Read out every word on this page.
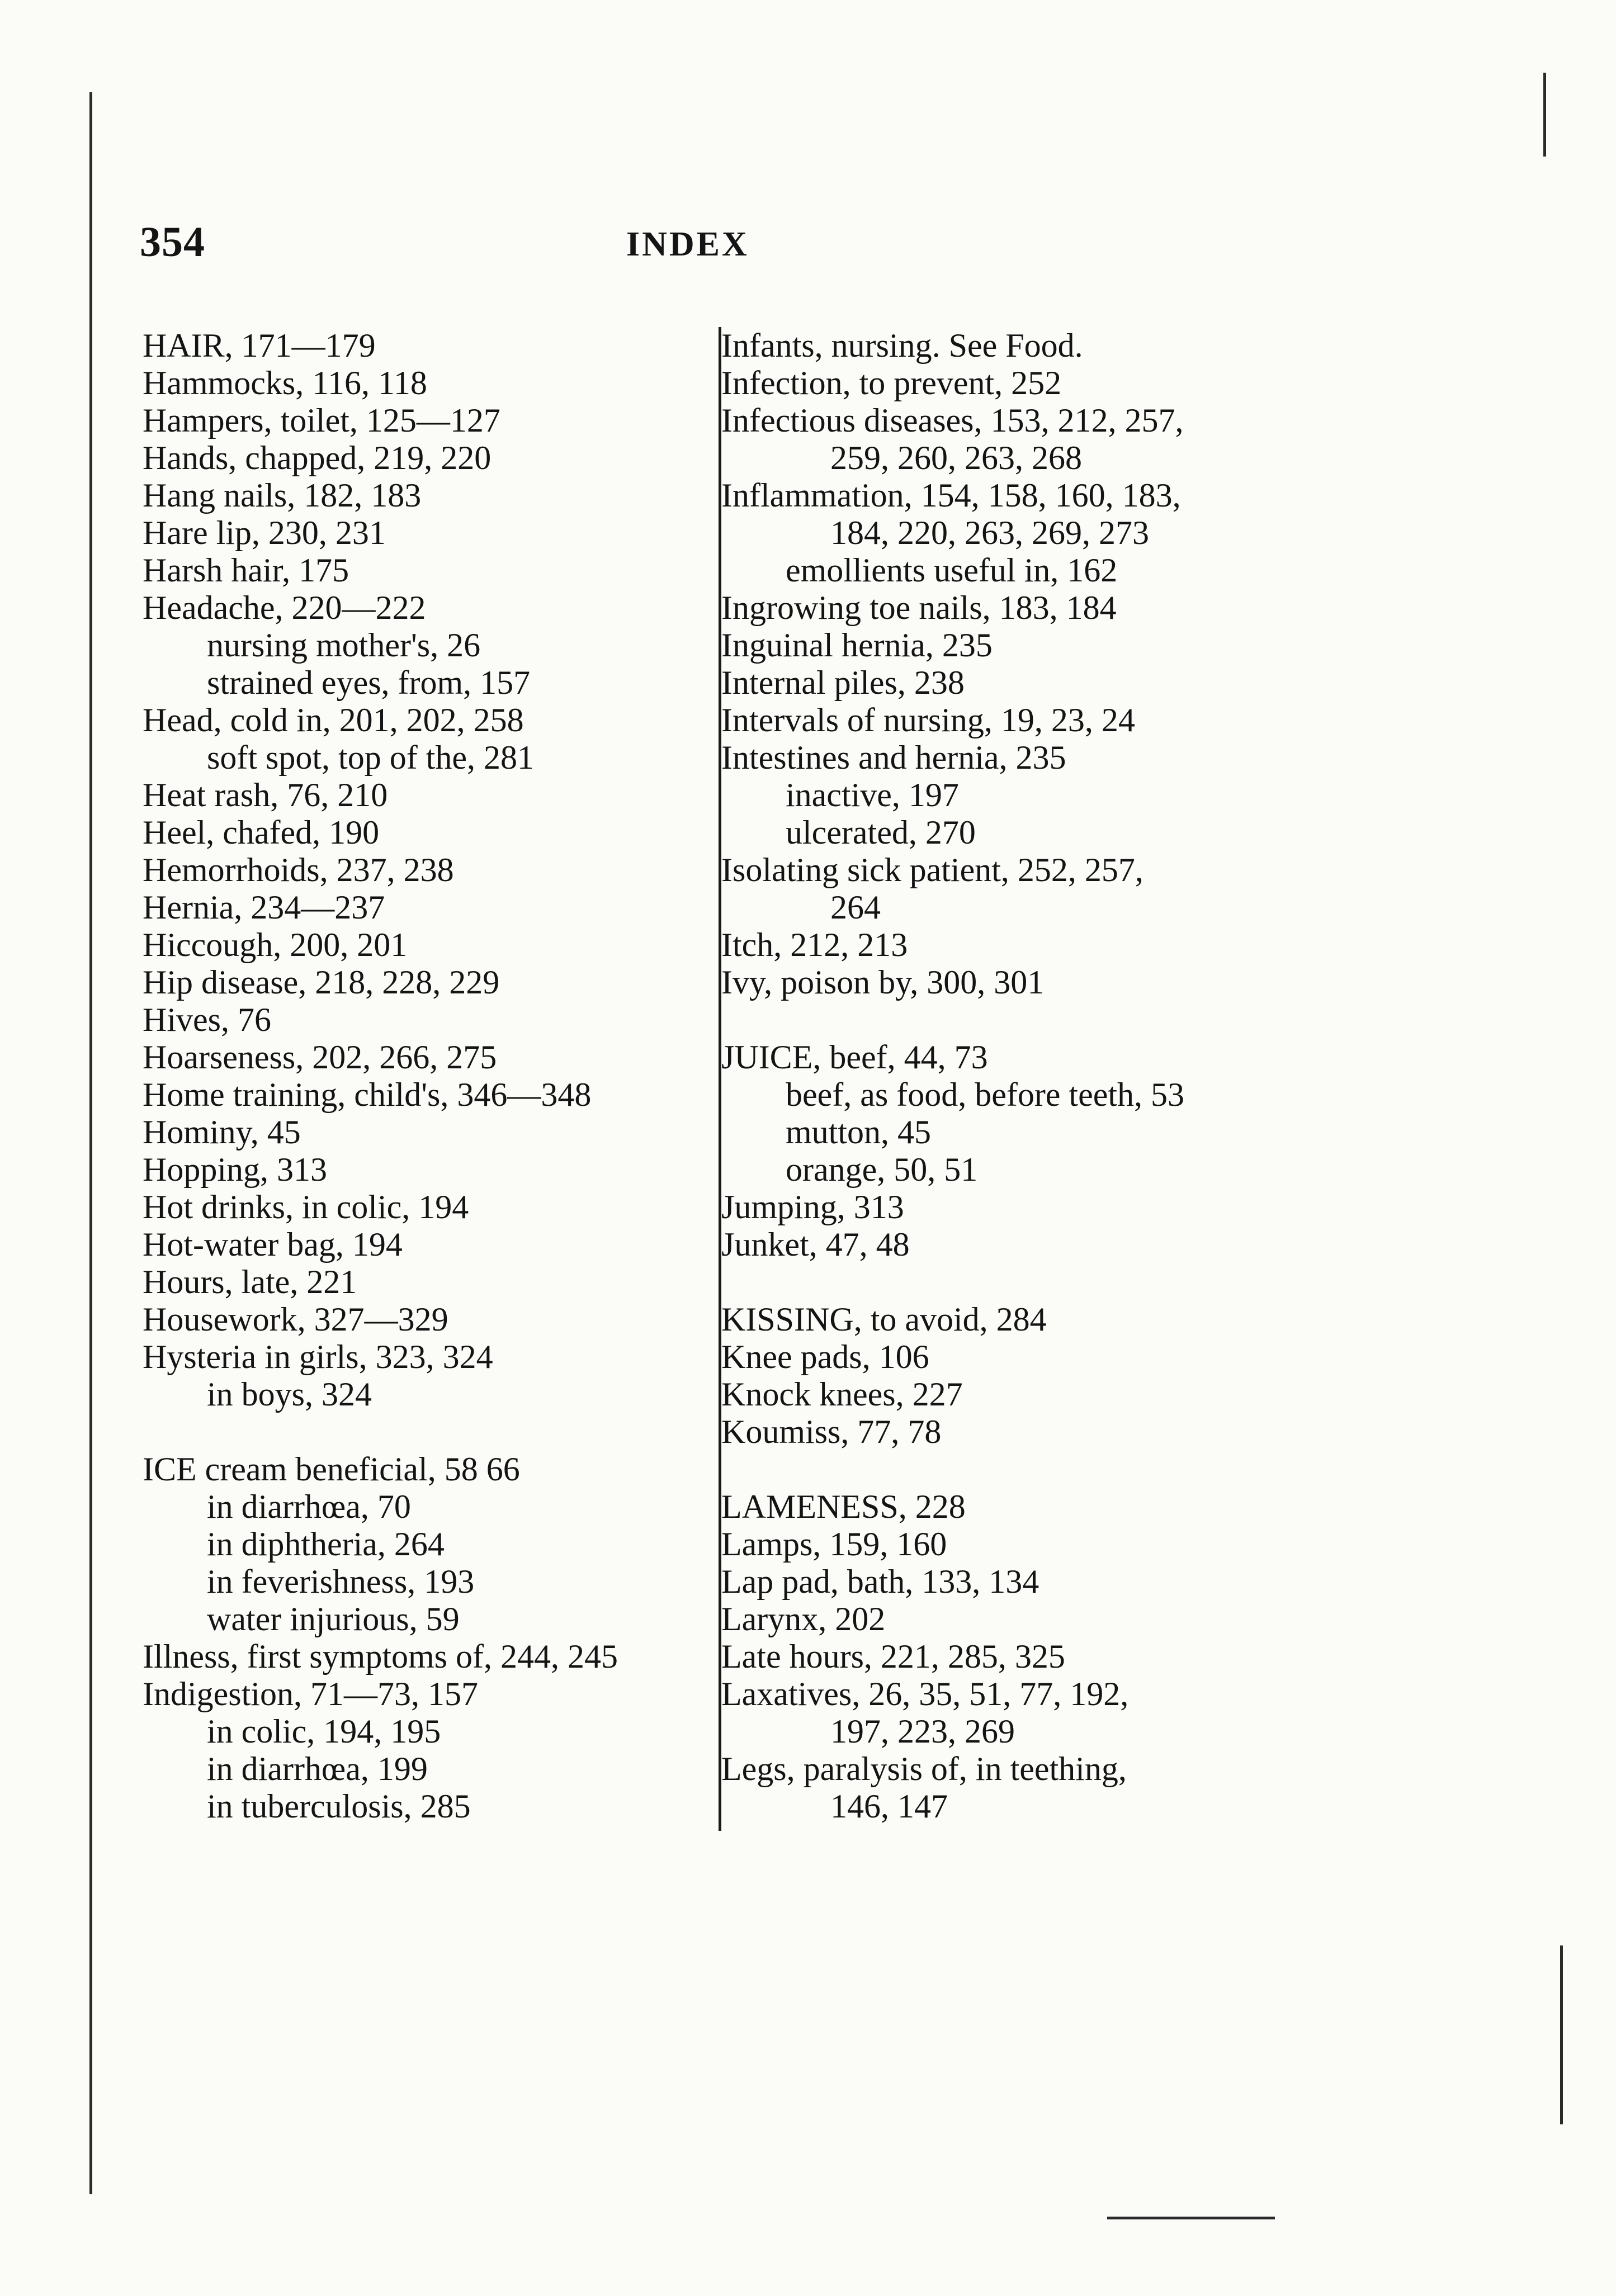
354	INDEX
HAIR, 171—179
Hammocks, 116, 118
Hampers, toilet, 125—127
Hands, chapped, 219, 220
Hang nails, 182, 183
Hare lip, 230, 231
Harsh hair, 175
Headache, 220—222
nursing mother's, 26
strained eyes, from, 157
Head, cold in, 201, 202, 258
soft spot, top of the, 281
Heat rash, 76, 210
Heel, chafed, 190
Hemorrhoids, 237, 238
Hernia, 234—237
Hiccough, 200, 201
Hip disease, 218, 228, 229
Hives, 76
Hoarseness, 202, 266, 275
Home training, child's, 346—348
Hominy, 45
Hopping, 313
Hot drinks, in colic, 194
Hot-water bag, 194
Hours, late, 221
Housework, 327—329
Hysteria in girls, 323, 324
in boys, 324
ICE cream beneficial, 58 66
in diarrhœa, 70
in diphtheria, 264
in feverishness, 193
water injurious, 59
Illness, first symptoms of, 244, 245
Indigestion, 71—73, 157
in colic, 194, 195
in diarrhœa, 199
in tuberculosis, 285
Infants, nursing. See Food.
Infection, to prevent, 252
Infectious diseases, 153, 212, 257,
259, 260, 263, 268
Inflammation, 154, 158, 160, 183,
184, 220, 263, 269, 273
emollients useful in, 162
Ingrowing toe nails, 183, 184
Inguinal hernia, 235
Internal piles, 238
Intervals of nursing, 19, 23, 24
Intestines and hernia, 235
inactive, 197
ulcerated, 270
Isolating sick patient, 252, 257,
264
Itch, 212, 213
Ivy, poison by, 300, 301
JUICE, beef, 44, 73
beef, as food, before teeth, 53
mutton, 45
orange, 50, 51
Jumping, 313
Junket, 47, 48
KISSING, to avoid, 284
Knee pads, 106
Knock knees, 227
Koumiss, 77, 78
LAMENESS, 228
Lamps, 159, 160
Lap pad, bath, 133, 134
Larynx, 202
Late hours, 221, 285, 325
Laxatives, 26, 35, 51, 77, 192,
197, 223, 269
Legs, paralysis of, in teething,
146, 147
